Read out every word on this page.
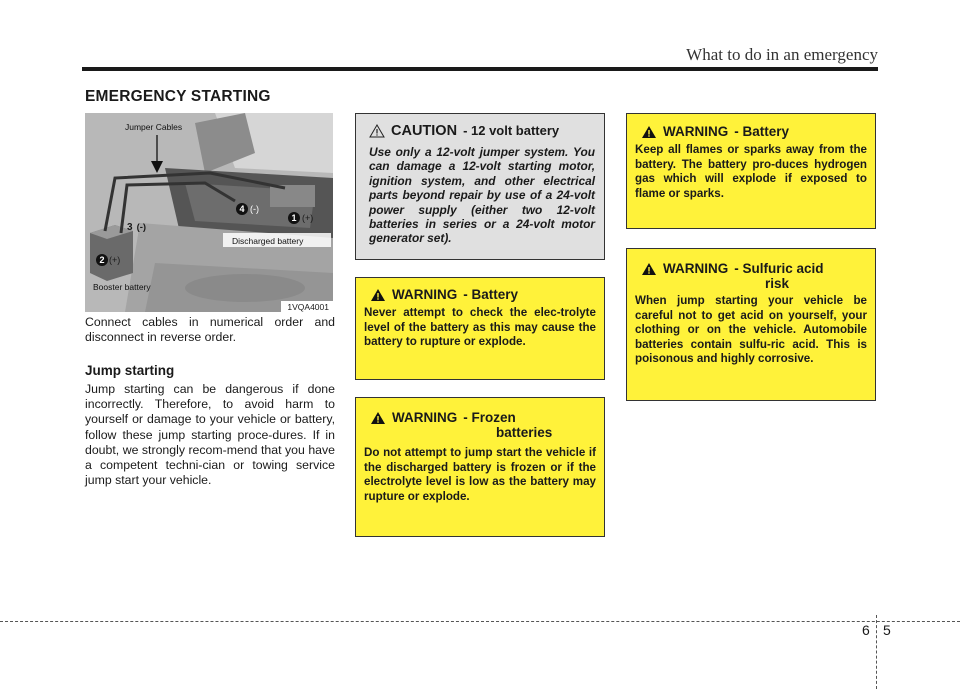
What to do in an emergency
EMERGENCY STARTING
Jumper Cables
Discharged battery
Booster battery
1 (+)
2 (+)
3 (-)
4 (-)
1VQA4001
Connect cables in numerical order and disconnect in reverse order.
Jump starting
Jump starting can be dangerous if done incorrectly. Therefore, to avoid harm to yourself or damage to your vehicle or battery, follow these jump starting proce-dures. If in doubt, we strongly recom-mend that you have a competent techni-cian or towing service jump start your vehicle.
CAUTION - 12 volt battery
Use only a 12-volt jumper system. You can damage a 12-volt starting motor, ignition system, and other electrical parts beyond repair by use of a 24-volt power supply (either two 12-volt batteries in series or a 24-volt motor generator set).
WARNING - Battery
Never attempt to check the elec-trolyte level of the battery as this may cause the battery to rupture or explode.
WARNING - Frozen
batteries
Do not attempt to jump start the vehicle if the discharged battery is frozen or if the electrolyte level is low as the battery may rupture or explode.
WARNING - Battery
Keep all flames or sparks away from the battery. The battery pro-duces hydrogen gas which will explode if exposed to flame or sparks.
WARNING - Sulfuric acid
risk
When jump starting your vehicle be careful not to get acid on yourself, your clothing or on the vehicle. Automobile batteries contain sulfu-ric acid. This is poisonous and highly corrosive.
6 5
